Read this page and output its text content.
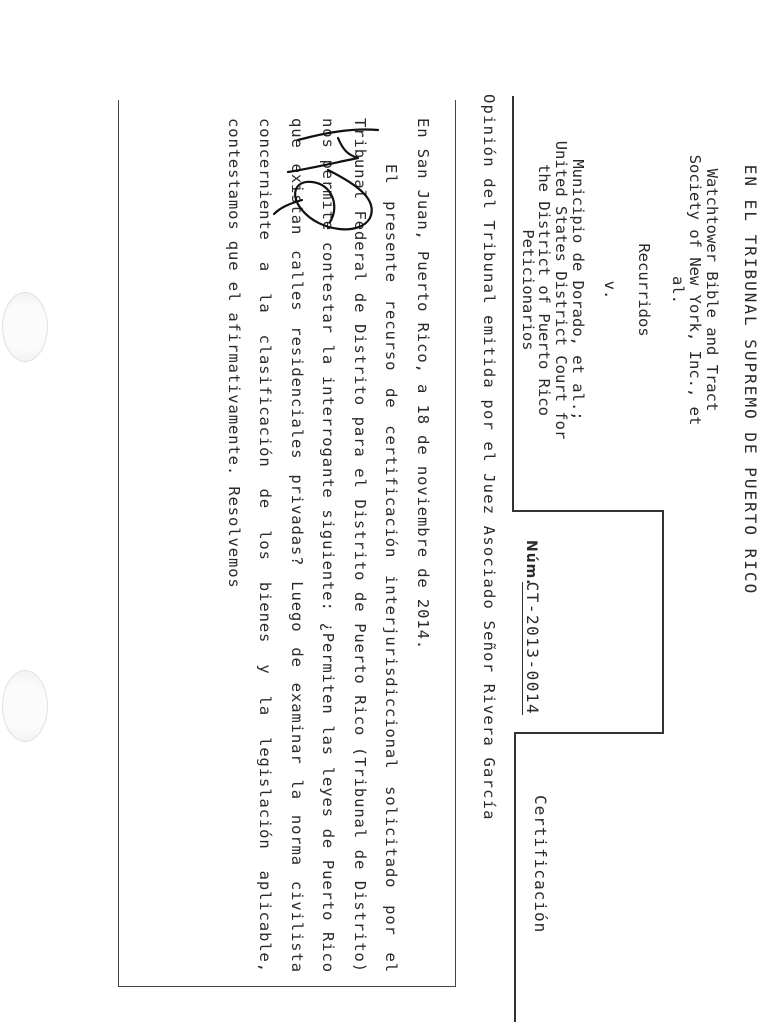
EN EL TRIBUNAL SUPREMO DE PUERTO RICO
Watchtower Bible and Tract
Society of New York, Inc., et
al.
Recurridos
v.
Municipio de Dorado, et al.;
United States District Court for
the District of Puerto Rico
Peticionarios
Núm.CT-2013-0014
Certificación
Opinión del Tribunal emitida por el Juez Asociado Señor Rivera García

En San Juan, Puerto Rico, a 18 de noviembre de 2014.

El presente recurso de certificación interjurisdiccional solicitado por el Tribunal Federal de Distrito para el Distrito de Puerto Rico (Tribunal de Distrito) nos permite contestar la interrogante siguiente: ¿Permiten las leyes de Puerto Rico que existan calles residenciales privadas? Luego de examinar la norma civilista concerniente a la clasificación de los bienes y la legislación aplicable, contestamos que el afirmativamente. Resolvemos
